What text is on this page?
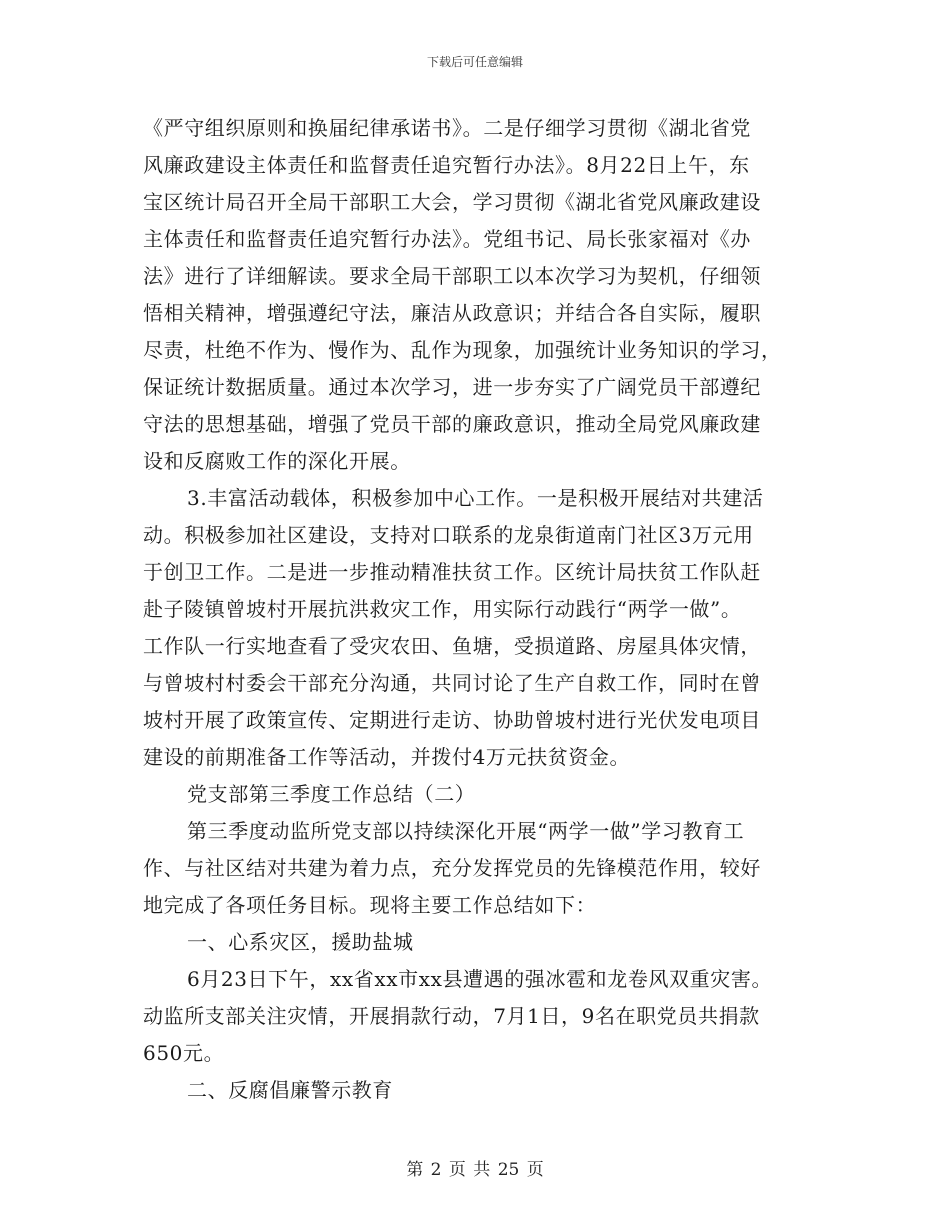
下载后可任意编辑
《严守组织原则和换届纪律承诺书》。二是仔细学习贯彻《湖北省党
风廉政建设主体责任和监督责任追究暂行办法》。8月22日上午，东
宝区统计局召开全局干部职工大会，学习贯彻《湖北省党风廉政建设
主体责任和监督责任追究暂行办法》。党组书记、局长张家福对《办
法》进行了详细解读。要求全局干部职工以本次学习为契机，仔细领
悟相关精神，增强遵纪守法，廉洁从政意识；并结合各自实际，履职
尽责，杜绝不作为、慢作为、乱作为现象，加强统计业务知识的学习，
保证统计数据质量。通过本次学习，进一步夯实了广阔党员干部遵纪
守法的思想基础，增强了党员干部的廉政意识，推动全局党风廉政建
设和反腐败工作的深化开展。
3.丰富活动载体，积极参加中心工作。一是积极开展结对共建活
动。积极参加社区建设，支持对口联系的龙泉街道南门社区3万元用
于创卫工作。二是进一步推动精准扶贫工作。区统计局扶贫工作队赶
赴子陵镇曾坡村开展抗洪救灾工作，用实际行动践行“两学一做”。
工作队一行实地查看了受灾农田、鱼塘，受损道路、房屋具体灾情，
与曾坡村村委会干部充分沟通，共同讨论了生产自救工作，同时在曾
坡村开展了政策宣传、定期进行走访、协助曾坡村进行光伏发电项目
建设的前期准备工作等活动，并拨付4万元扶贫资金。
党支部第三季度工作总结（二）
第三季度动监所党支部以持续深化开展“两学一做”学习教育工
作、与社区结对共建为着力点，充分发挥党员的先锋模范作用，较好
地完成了各项任务目标。现将主要工作总结如下：
一、心系灾区，援助盐城
6月23日下午，xx省xx市xx县遭遇的强冰雹和龙卷风双重灾害。
动监所支部关注灾情，开展捐款行动，7月1日，9名在职党员共捐款
650元。
二、反腐倡廉警示教育
第 2 页 共 25 页
